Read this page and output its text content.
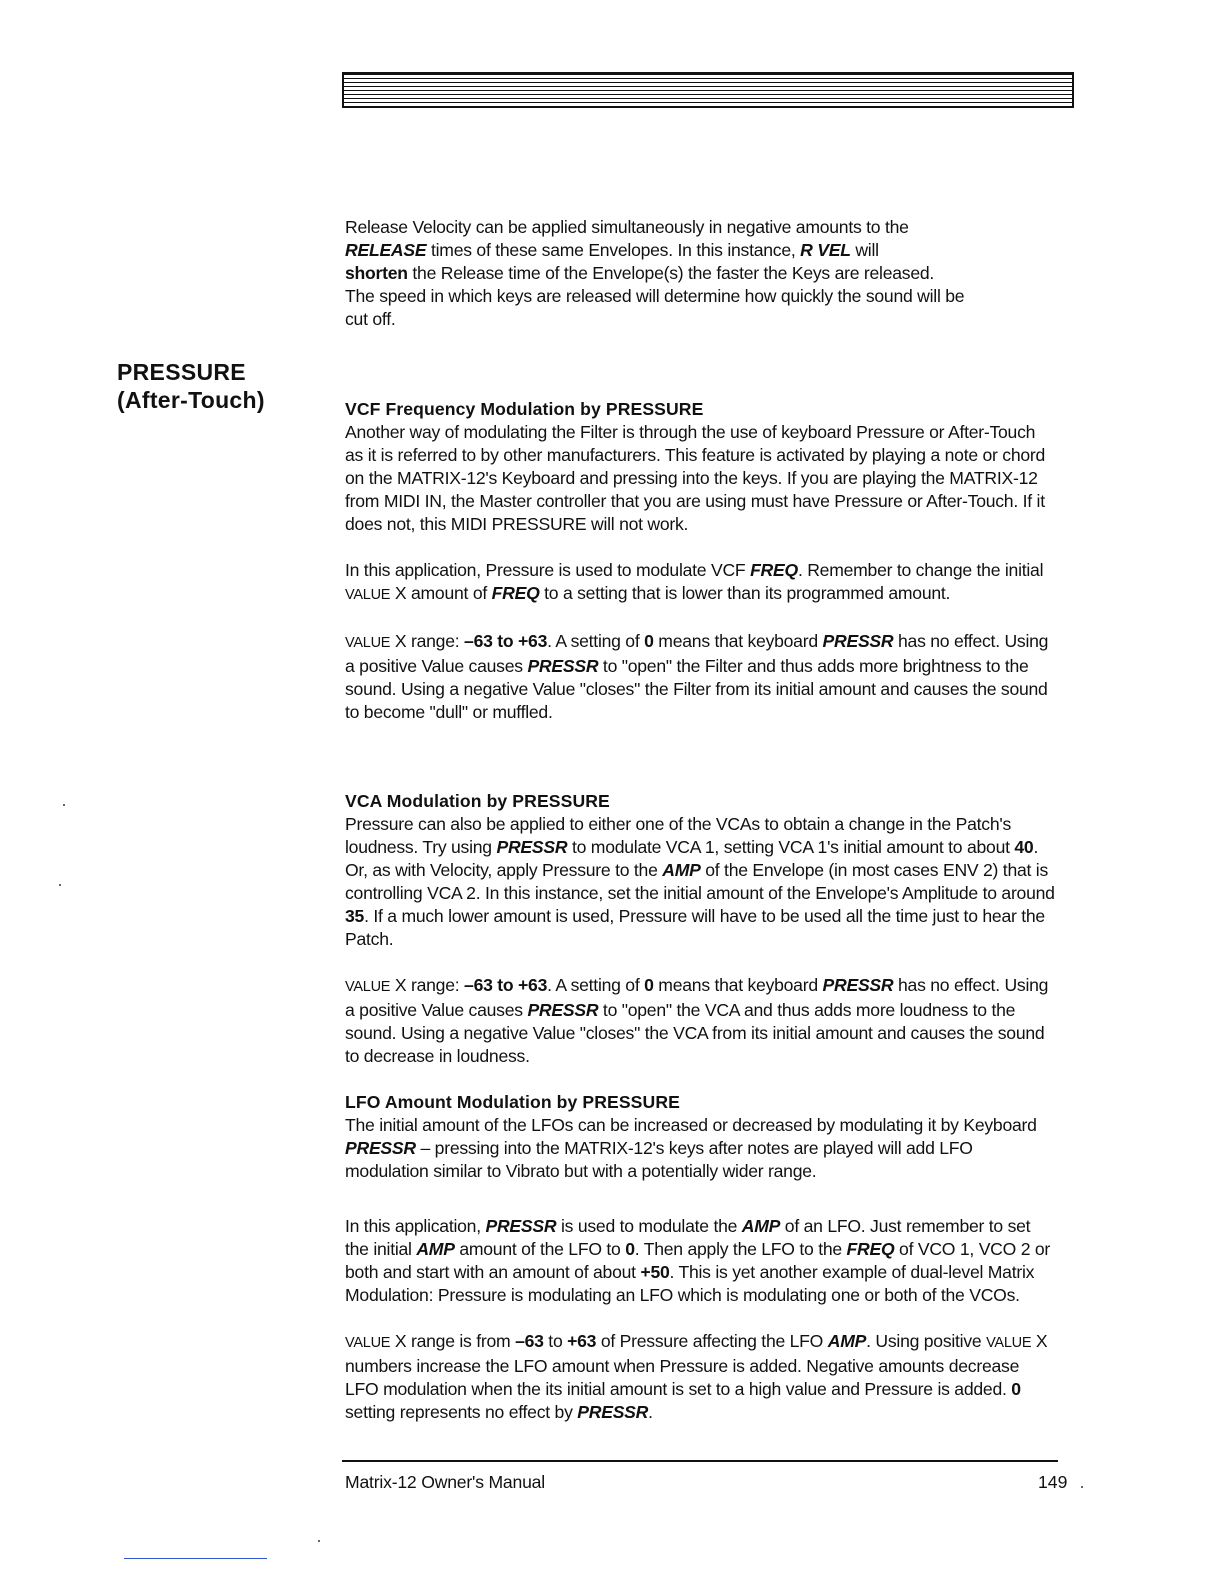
PRESSURE
(After-Touch)

Release Velocity can be applied simultaneously in negative amounts to the
RELEASE times of these same Envelopes. In this instance, R VEL will
shorten the Release time of the Envelope(s) the faster the Keys are released.
The speed in which keys are released will determine how quickly the sound will be
cut off.

VCF Frequency Modulation by PRESSURE

Another way of modulating the Filter is through the use of keyboard Pressure or After-Touch as it is referred to by other manufacturers. This feature is activated by playing a note or chord on the MATRIX-12's Keyboard and pressing into the keys. If you are playing the MATRIX-12 from MIDI IN, the Master controller that you are using must have Pressure or After-Touch. If it does not, this MIDI PRESSURE will not work.

In this application, Pressure is used to modulate VCF FREQ. Remember to change the initial VALUE X amount of FREQ to a setting that is lower than its programmed amount.

VALUE X range: –63 to +63. A setting of 0 means that keyboard PRESSR has no effect. Using a positive Value causes PRESSR to "open" the Filter and thus adds more brightness to the sound. Using a negative Value "closes" the Filter from its initial amount and causes the sound to become "dull" or muffled.

VCA Modulation by PRESSURE

Pressure can also be applied to either one of the VCAs to obtain a change in the Patch's loudness. Try using PRESSR to modulate VCA 1, setting VCA 1's initial amount to about 40. Or, as with Velocity, apply Pressure to the AMP of the Envelope (in most cases ENV 2) that is controlling VCA 2. In this instance, set the initial amount of the Envelope's Amplitude to around 35. If a much lower amount is used, Pressure will have to be used all the time just to hear the Patch.

VALUE X range: –63 to +63. A setting of 0 means that keyboard PRESSR has no effect. Using a positive Value causes PRESSR to "open" the VCA and thus adds more loudness to the sound. Using a negative Value "closes" the VCA from its initial amount and causes the sound to decrease in loudness.

LFO Amount Modulation by PRESSURE

The initial amount of the LFOs can be increased or decreased by modulating it by Keyboard PRESSR – pressing into the MATRIX-12's keys after notes are played will add LFO modulation similar to Vibrato but with a potentially wider range.

In this application, PRESSR is used to modulate the AMP of an LFO. Just remember to set the initial AMP amount of the LFO to 0. Then apply the LFO to the FREQ of VCO 1, VCO 2 or both and start with an amount of about +50. This is yet another example of dual-level Matrix Modulation: Pressure is modulating an LFO which is modulating one or both of the VCOs.

VALUE X range is from –63 to +63 of Pressure affecting the LFO AMP. Using positive VALUE X numbers increase the LFO amount when Pressure is added. Negative amounts decrease LFO modulation when the its initial amount is set to a high value and Pressure is added. 0 setting represents no effect by PRESSR.

Matrix-12 Owner's Manual	149
